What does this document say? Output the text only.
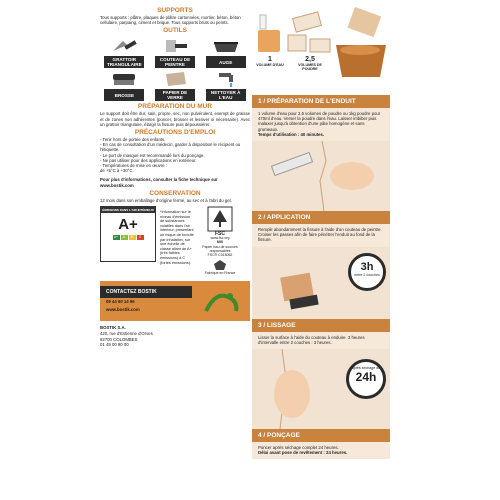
SUPPORTS
Tous supports : plâtre, plaques de plâtre cartonnées, mortier, béton, béton cellulaire, parpaing, ciment et brique. Tous supports bruts ou peints.
OUTILS
GRATTOIR TRIANGULAIRE
COUTEAU DE PEINTRE	AUGE
BROSSE	PAPIER DE VERRE
NETTOYER À L'EAU
PRÉPARATION DU MUR
Le support doit être dur, sain, propre, sec, non pulvérulent, exempt de graisse et de zones non adhérentes (poncer, brosser et lessiver si nécessaire). Avec un grattoir triangulaire, élargir la fissure puis dépoussiérer.
PRÉCAUTIONS D'EMPLOI
- Tenir hors de portée des enfants.
- En cas de consultation d'un médecin, garder à disposition le récipient ou l'étiquette.
- Le port de masque est recommandé lors du ponçage.
- Ne pas utiliser pour des applications en extérieur.
- Températures de mise en œuvre :
de +5°C à +30°C.
Pour plus d'informations, consulter la fiche technique sur www.bostik.com
CONSERVATION
12 mois dans son emballage d'origine fermé, au sec et à l'abri du gel.
ÉMISSIONS DANS L'AIR INTÉRIEUR
A+
A+	A	B	C
*Information sur le niveau d'émission de substances volatiles dans l'air intérieur, présentant un risque de toxicité par inhalation, sur une échelle de classe allant de A+ (très faibles émissions) à C (fortes émissions).
FSC
www.fsc.org
MIX
Papier issu de sources responsables
FSC® C015062
Fabriqué en France
CONTACTEZ BOSTIK
09 44 60 14 96
www.bostik.com
BOSTIK S.A.
420, rue d'Estienne d'Orves
92700 COLOMBES
01 49 00 90 00
1
VOLUME D'EAU
2,5
VOLUMES DE POUDRE
1 / PRÉPARATION DE L'ENDUIT
1 volume d'eau pour 2,5 volumes de poudre ou 1kg poudre pour 470ml d'eau. Verser la poudre dans l'eau. Laisser imbiber puis malaxer jusqu'à obtention d'une pâte homogène et sans grumeaux.
Temps d'utilisation : 40 minutes.
2 / APPLICATION
Remplir abondamment la fissure à l'aide d'un couteau de peintre. Croiser les passes afin de faire pénétrer l'enduit au fond de la fissure.
3h
entre 2 couches
3 / LISSAGE
Lisser la surface à l'aide du couteau à enduire. 3 heures d'intervalle entre 2 couches : 3 heures.
après séchage de
24h
4 / PONÇAGE
Poncer après séchage complet 24 heures.
Délai avant pose de revêtement : 24 heures.
